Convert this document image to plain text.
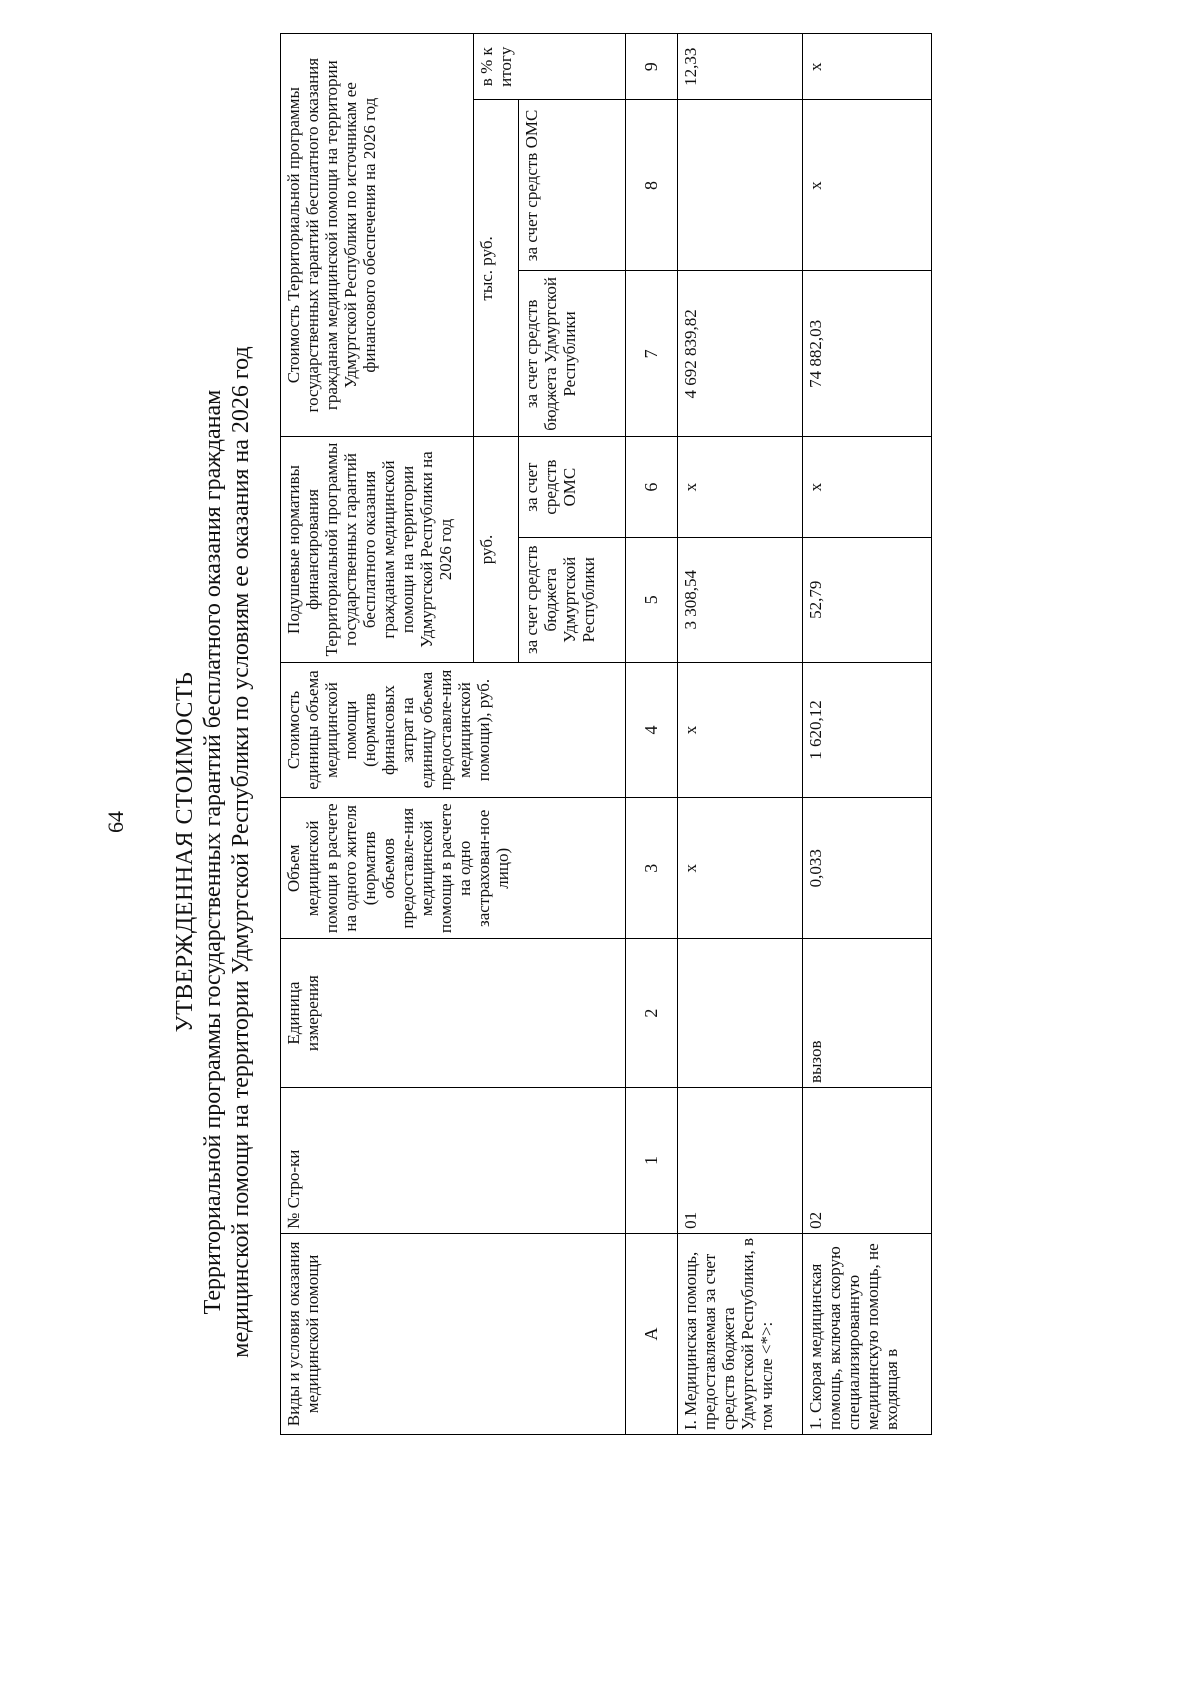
64 УТВЕРЖДЕННАЯ СТОИМОСТЬ Территориальной программы государственных гарантий бесплатного оказания гражданам медицинской помощи на территории Удмуртской Республики по условиям ее оказания на 2026 год Виды и условия оказания медицинской помощи	№ Стро-ки	Единица измерения	Объем медицинской помощи в расчете на одного жителя (норматив объемов предоставле-ния медицинской помощи в расчете на одно застрахован-ное лицо)	Стоимость единицы объема медицинской помощи (норматив финансовых затрат на единицу объема предоставле-ния медицинской помощи), руб.	Подушевые нормативы финансирования Территориальной программы государственных гарантий бесплатного оказания гражданам медицинской помощи на территории Удмуртской Республики на 2026 год		Стоимость Территориальной программы государственных гарантий бесплатного оказания гражданам медицинской помощи на территории Удмуртской Республики по источникам ее финансового обеспечения на 2026 год		
					руб.		тыс. руб.		в % к итогу
					за счет средств бюджета Удмуртской Республики	за счет средств ОМС	за счет средств бюджета Удмуртской Республики	за счет средств ОМС	
А	1	2	3	4	5	6	7	8	9
I. Медицинская помощь, предоставляемая за счет средств бюджета Удмуртской Республики, в том числе <*>:	01		x	x	3 308,54	x	4 692 839,82		12,33
1. Скорая медицинская помощь, включая скорую специализированную медицинскую помощь, не входящая в	02	вызов	0,033	1 620,12	52,79	x	74 882,03	x	x
